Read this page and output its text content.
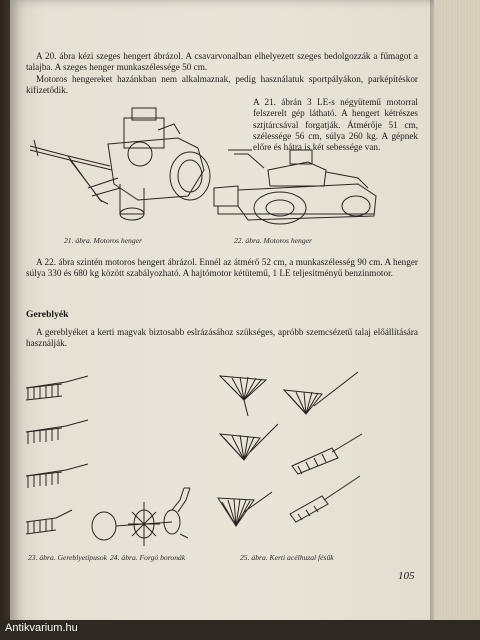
A 20. ábra kézi szeges hengert ábrázol. A csavarvonalban elhelyezett szeges bedolgozzák a fűmagot a talajba. A szeges henger munkaszélessége 50 cm.

Motoros hengereket hazánkban nem alkalmaznak, pedig használatuk sportpályákon, parképítéskor kifizetődik.

A 21. ábrán 3 LE-s négyütemű motorral felszerelt gép látható. A hengert kétrészes sztjtárcsával forgatják. Átmérője 51 cm, szélessége 56 cm, súlya 260 kg. A gépnek előre és hátra is két sebessége van.

21. ábra. Motoros henger	22. ábra. Motoros henger

A 22. ábra szintén motoros hengert ábrázol. Ennél az átmérő 52 cm, a munkaszélesség 90 cm. A henger súlya 330 és 680 kg között szabályozható. A hajtómotor kétütemű, 1 LE teljesítményű benzinmotor.

Gereblyék

A gereblyéket a kerti magvak biztosabb eslrázásához szükséges, apróbb szemcsézetű talaj előállítására használják.

23. ábra. Gereblyetípusok 24. ábra. Forgó boronák	25. ábra. Kerti acélhuzal fésűk

105

Antikvarium.hu
